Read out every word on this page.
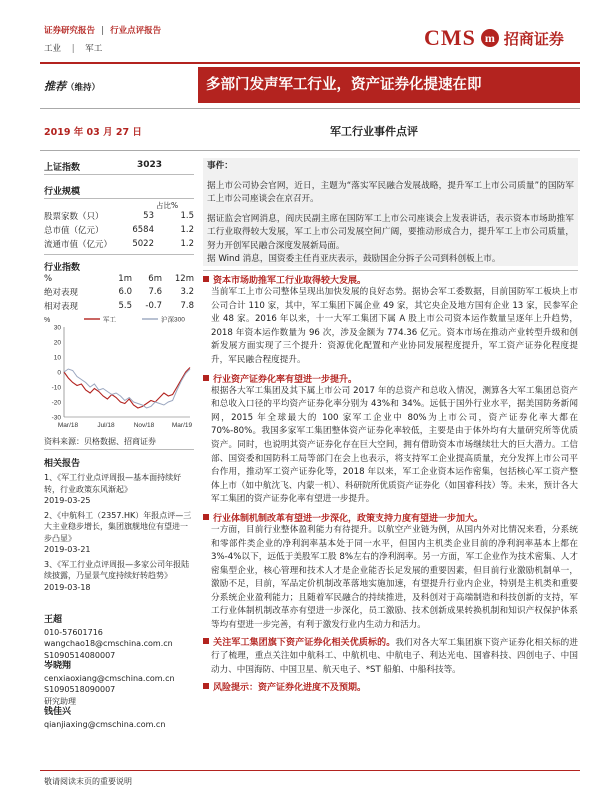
证券研究报告 | 行业点评报告
工业 | 军工	CMS m 招商证券
推荐（维持）	多部门发声军工行业，资产证券化提速在即
2019 年 03 月 27 日	军工行业事件点评
上证指数	3023
行业规模
占比%
股票家数（只）	53	1.5
总市值（亿元）	6584	1.2
流通市值（亿元）	5022	1.2
行业指数
%	1m	6m	12m
绝对表现	6.0	7.6	3.2
相对表现	5.5	-0.7	7.8
%
30
20
10
0
-10
-20
-30
Mar/18	Jul/18	Nov/18	Mar/19
军工	沪深300
资料来源：贝格数据、招商证券
相关报告
1、《军工行业点评周报—基本面持续好转，行业政策东风渐起》
2019-03-25
2、《中航科工（2357.HK）年报点评—三大主业稳步增长，集团旗舰地位有望进一步凸显》
2019-03-21
3、《军工行业点评周报—多家公司年报陆续披露，乃显景气度持续好转趋势》
2019-03-18
王超
010-57601716
wangchao18@cmschina.com.cn
S1090514080007
岑晓翔
cenxiaoxiang@cmschina.com.cn
S1090518090007
研究助理
钱佳兴
qianjiaxing@cmschina.com.cn
事件：
据上市公司协会官网，近日，主题为“落实军民融合发展战略，提升军工上市公司质量”的国防军工上市公司座谈会在京召开。
据证监会官网消息，阎庆民副主席在国防军工上市公司座谈会上发表讲话，表示资本市场助推军工行业取得较大发展，军工上市公司发展空间广阔，要推动形成合力，提升军工上市公司质量，努力开创军民融合深度发展新局面。
据 Wind 消息，国资委主任肖亚庆表示，鼓励国企分拆子公司到科创板上市。
资本市场助推军工行业取得较大发展。
当前军工上市公司整体呈现出加快发展的良好态势。据协会军工委数据，目前国防军工板块上市公司合计 110 家，其中，军工集团下属企业 49 家，其它央企及地方国有企业 13 家，民参军企业 48 家。2016 年以来，十一大军工集团下属 A 股上市公司资本运作数量呈逐年上升趋势，2018 年资本运作数量为 96 次，涉及金额为 774.36 亿元。资本市场在推动产业转型升级和创新发展方面实现了三个提升：资源优化配置和产业协同发展程度提升，军工资产证券化程度提升，军民融合程度提升。
行业资产证券化率有望进一步提升。
根据各大军工集团及其下属上市公司 2017 年的总资产和总收入情况，测算各大军工集团总资产和总收入口径的平均资产证券化率分别为 43%和 34%。远低于国外行业水平，据美国防务新闻网，2015 年全球最大的 100 家军工企业中 80%为上市公司，资产证券化率大都在 70%-80%。我国多家军工集团整体资产证券化率较低，主要是由于体外均有大量研究所等优质资产。同时，也说明其资产证券化存在巨大空间，拥有借助资本市场继续壮大的巨大潜力。工信部、国资委和国防科工局等部门在会上也表示，将支持军工企业提高质量，充分发挥上市公司平台作用，推动军工资产证券化等，2018 年以来，军工企业资本运作密集，包括核心军工资产整体上市（如中航沈飞、内蒙一机）、科研院所优质资产证券化（如国睿科技）等。未来，预计各大军工集团的资产证券化率有望进一步提升。
行业体制机制改革有望进一步深化，政策支持力度有望进一步加大。
一方面，目前行业整体盈利能力有待提升。以航空产业链为例，从国内外对比情况来看，分系统和零部件类企业的净利润率基本处于同一水平，但国内主机类企业目前的净利润率基本上都在 3%-4%以下，远低于美股军工股 8%左右的净利润率。另一方面，军工企业作为技术密集、人才密集型企业，核心管理和技术人才是企业能否长足发展的重要因素，但目前行业激励机制单一，激励不足，目前，军品定价机制改革落地实施加速，有望提升行业内企业，特别是主机类和重要分系统企业盈利能力；且随着军民融合的持续推进，及科创对于高端制造和科技创新的支持，军工行业体制机制改革亦有望进一步深化，员工激励、技术创新成果转换机制和知识产权保护体系等均有望进一步完善，有利于激发行业内生动力和活力。
关注军工集团旗下资产证券化相关优质标的。我们对各大军工集团旗下资产证券化相关标的进行了梳理，重点关注如中航科工、中航机电、中航电子、利达光电、国睿科技、四创电子、中国动力、中国海防、中国卫星、航天电子、*ST 船舶、中船科技等。
风险提示：资产证券化进度不及预期。
敬请阅读末页的重要说明
